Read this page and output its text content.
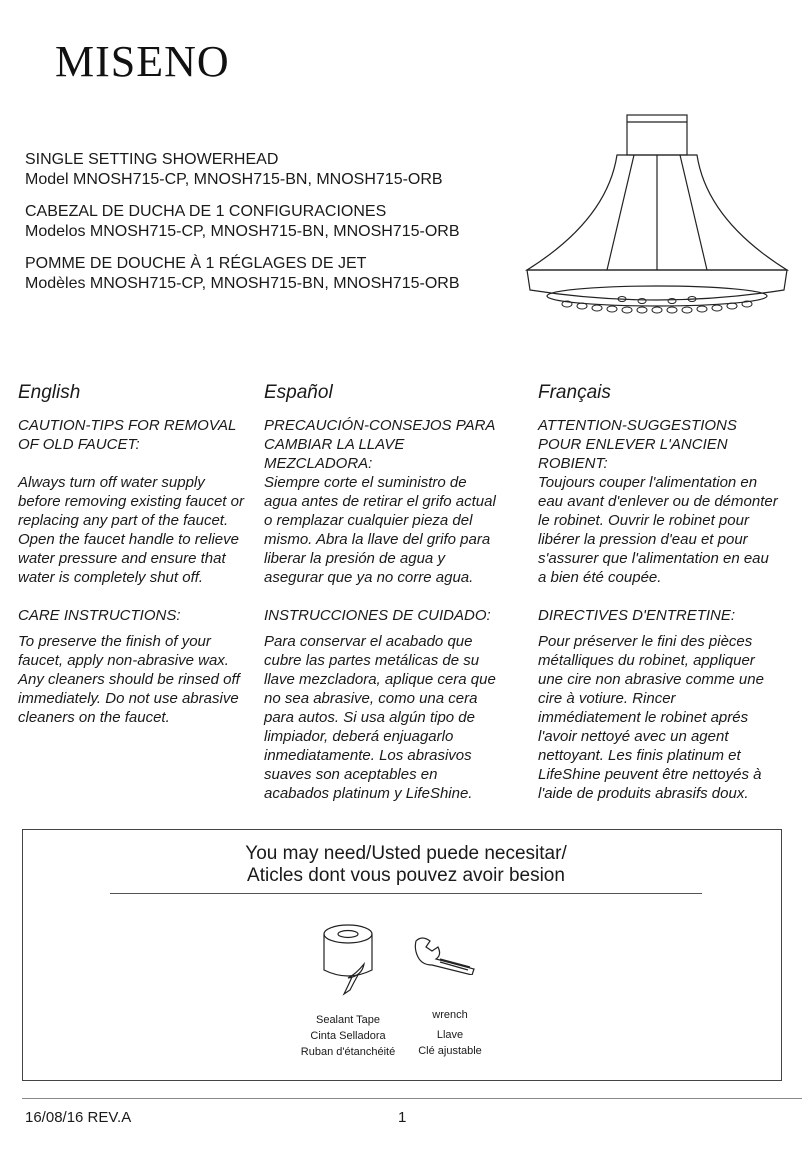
MISENO
SINGLE SETTING SHOWERHEAD
Model MNOSH715-CP, MNOSH715-BN, MNOSH715-ORB
CABEZAL DE DUCHA DE 1 CONFIGURACIONES
Modelos MNOSH715-CP, MNOSH715-BN, MNOSH715-ORB
POMME DE DOUCHE À 1 RÉGLAGES DE JET
Modèles MNOSH715-CP, MNOSH715-BN, MNOSH715-ORB

English

CAUTION-TIPS FOR REMOVAL OF OLD FAUCET:

Always turn off water supply before removing existing faucet or replacing any part of the faucet. Open the faucet handle to relieve water pressure and ensure that water is completely shut off.

CARE INSTRUCTIONS:

To preserve the finish of your faucet, apply non-abrasive wax. Any cleaners should be rinsed off immediately. Do not use abrasive cleaners on the faucet.

Español

PRECAUCIÓN-CONSEJOS PARA CAMBIAR LA LLAVE MEZCLADORA:

Siempre corte el suministro de agua antes de retirar el grifo actual o remplazar cualquier pieza del mismo. Abra la llave del grifo para liberar la presión de agua y asegurar que ya no corre agua.

INSTRUCCIONES DE CUIDADO:

Para conservar el acabado que cubre las partes metálicas de su llave mezcladora, aplique cera que no sea abrasive, como una cera para autos. Si usa algún tipo de limpiador, deberá enjuagarlo inmediatamente. Los abrasivos suaves son aceptables en acabados platinum y LifeShine.

Français

ATTENTION-SUGGESTIONS POUR ENLEVER L'ANCIEN ROBIENT:

Toujours couper l'alimentation en eau avant d'enlever ou de démonter le robinet. Ouvrir le robinet pour libérer la pression d'eau et pour s'assurer que l'alimentation en eau a bien été coupée.

DIRECTIVES D'ENTRETINE:

Pour préserver le fini des pièces métalliques du robinet, appliquer une cire non abrasive comme une cire à votiure. Rincer immédiatement le robinet aprés l'avoir nettoyé avec un agent nettoyant. Les finis platinum et LifeShine peuvent être nettoyés à l'aide de produits abrasifs doux.

You may need/Usted puede necesitar/
Aticles dont vous pouvez avoir besion
Sealant Tape
Cinta Selladora
Ruban d'étanchéité
wrench
Llave
Clé ajustable
16/08/16 REV.A	1
